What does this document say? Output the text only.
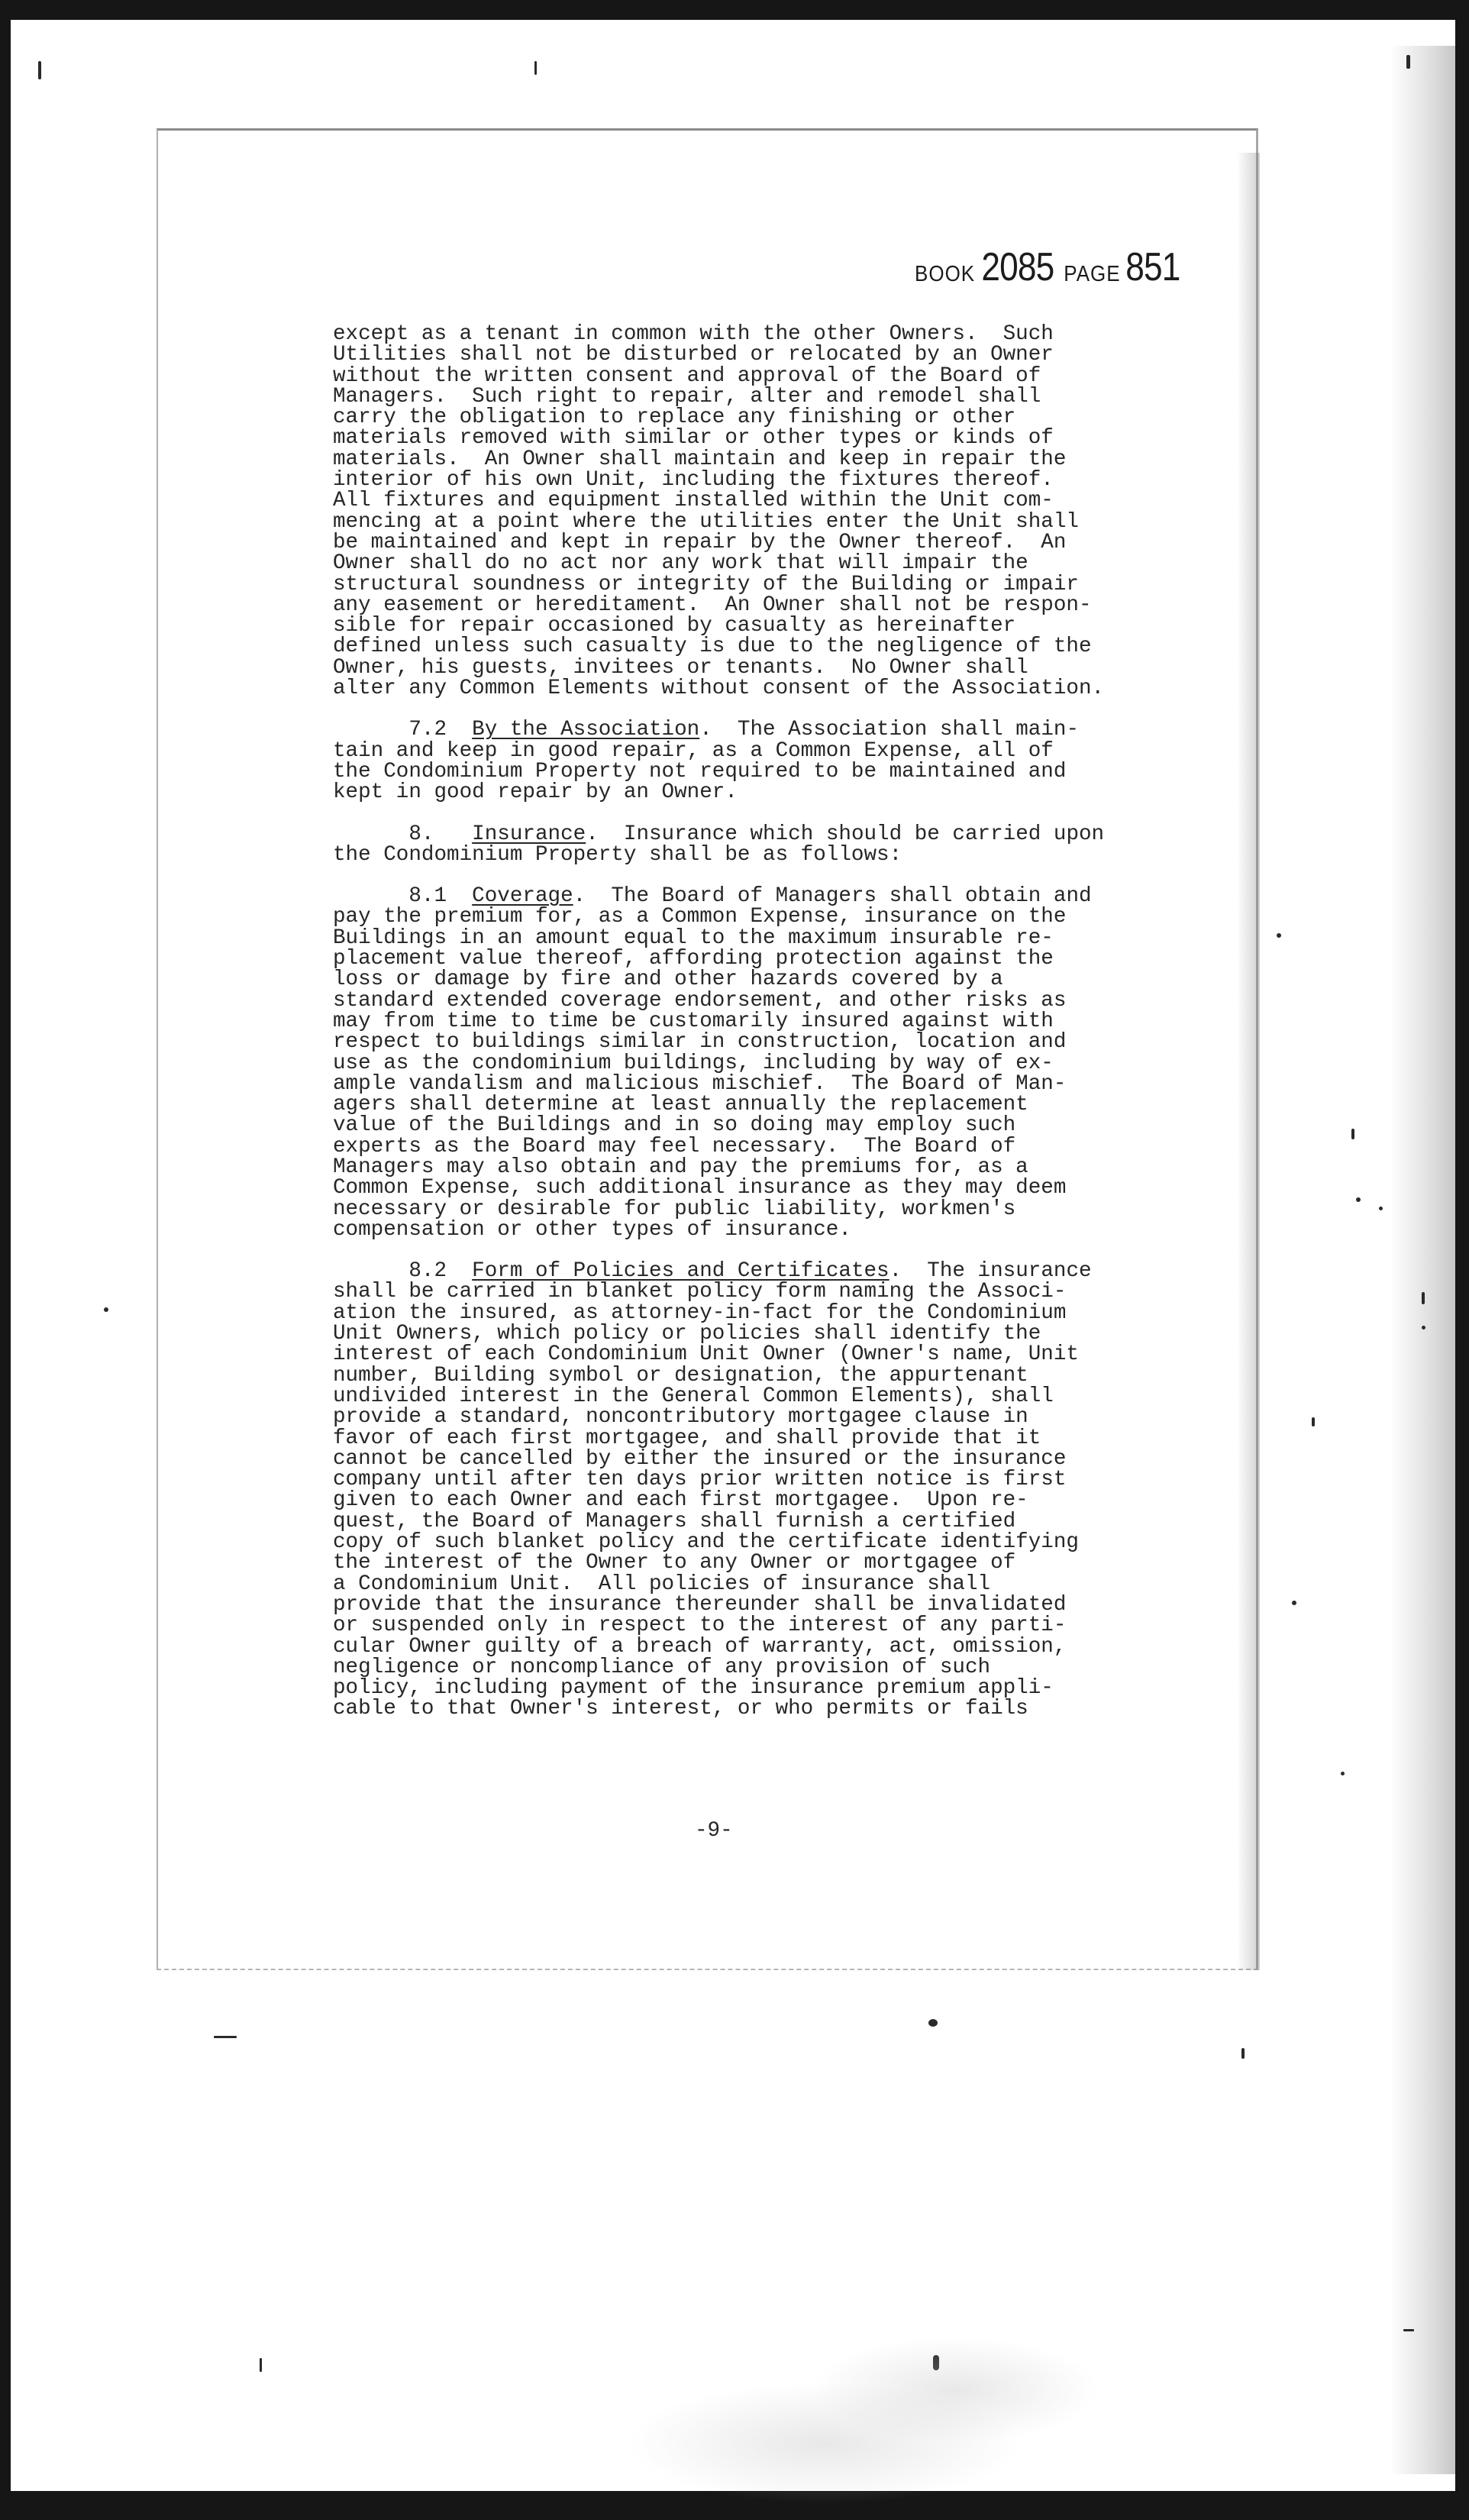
BOOK 2085 PAGE 851

except as a tenant in common with the other Owners.  Such

Utilities shall not be disturbed or relocated by an Owner

without the written consent and approval of the Board of

Managers.  Such right to repair, alter and remodel shall

carry the obligation to replace any finishing or other

materials removed with similar or other types or kinds of

materials.  An Owner shall maintain and keep in repair the

interior of his own Unit, including the fixtures thereof.

All fixtures and equipment installed within the Unit com-

mencing at a point where the utilities enter the Unit shall

be maintained and kept in repair by the Owner thereof.  An

Owner shall do no act nor any work that will impair the

structural soundness or integrity of the Building or impair

any easement or hereditament.  An Owner shall not be respon-

sible for repair occasioned by casualty as hereinafter

defined unless such casualty is due to the negligence of the

Owner, his guests, invitees or tenants.  No Owner shall

alter any Common Elements without consent of the Association.

7.2 By the Association.  The Association shall main-

tain and keep in good repair, as a Common Expense, all of

the Condominium Property not required to be maintained and

kept in good repair by an Owner.

8. Insurance.  Insurance which should be carried upon

the Condominium Property shall be as follows:

8.1 Coverage.  The Board of Managers shall obtain and

pay the premium for, as a Common Expense, insurance on the

Buildings in an amount equal to the maximum insurable re-

placement value thereof, affording protection against the

loss or damage by fire and other hazards covered by a

standard extended coverage endorsement, and other risks as

may from time to time be customarily insured against with

respect to buildings similar in construction, location and

use as the condominium buildings, including by way of ex-

ample vandalism and malicious mischief.  The Board of Man-

agers shall determine at least annually the replacement

value of the Buildings and in so doing may employ such

experts as the Board may feel necessary.  The Board of

Managers may also obtain and pay the premiums for, as a

Common Expense, such additional insurance as they may deem

necessary or desirable for public liability, workmen's

compensation or other types of insurance.

8.2 Form of Policies and Certificates.  The insurance

shall be carried in blanket policy form naming the Associ-

ation the insured, as attorney-in-fact for the Condominium

Unit Owners, which policy or policies shall identify the

interest of each Condominium Unit Owner (Owner's name, Unit

number, Building symbol or designation, the appurtenant

undivided interest in the General Common Elements), shall

provide a standard, noncontributory mortgagee clause in

favor of each first mortgagee, and shall provide that it

cannot be cancelled by either the insured or the insurance

company until after ten days prior written notice is first

given to each Owner and each first mortgagee.  Upon re-

quest, the Board of Managers shall furnish a certified

copy of such blanket policy and the certificate identifying

the interest of the Owner to any Owner or mortgagee of

a Condominium Unit.  All policies of insurance shall

provide that the insurance thereunder shall be invalidated

or suspended only in respect to the interest of any parti-

cular Owner guilty of a breach of warranty, act, omission,

negligence or noncompliance of any provision of such

policy, including payment of the insurance premium appli-

cable to that Owner's interest, or who permits or fails

-9-
